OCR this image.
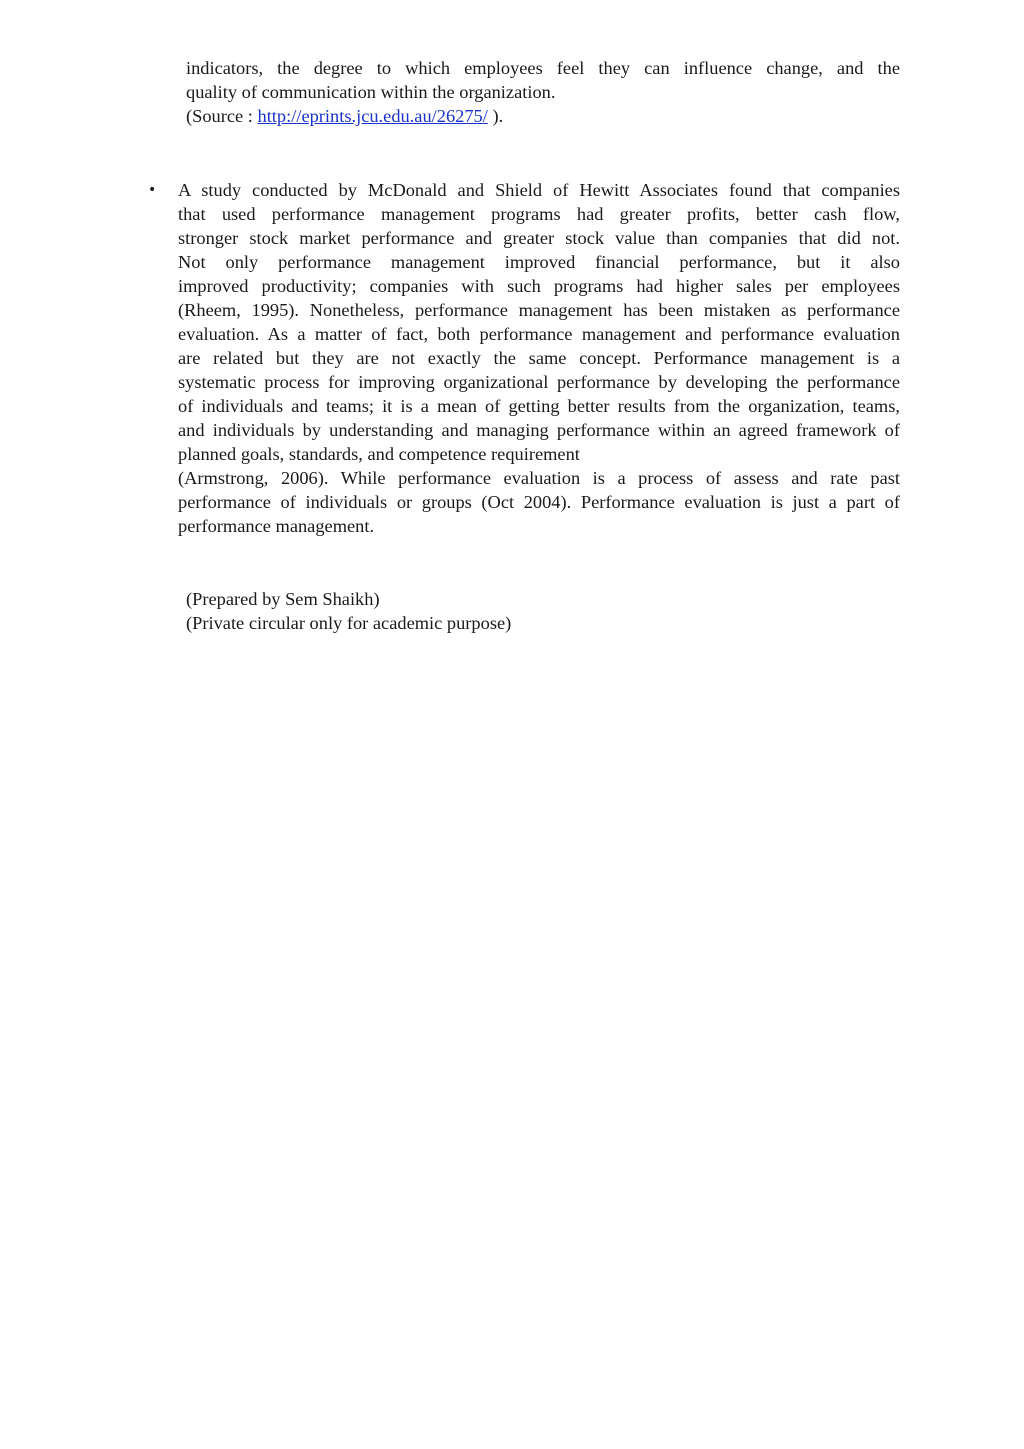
indicators, the degree to which employees feel they can influence change, and the
quality of communication within the organization.
(Source : http://eprints.jcu.edu.au/26275/ ).
•	A study conducted by McDonald and Shield of Hewitt Associates found that companies
that used performance management programs had greater profits, better cash flow,
stronger stock market performance and greater stock value than companies that did not.
Not only performance management improved financial performance, but it also
improved productivity; companies with such programs had higher sales per employees
(Rheem, 1995). Nonetheless, performance management has been mistaken as performance
evaluation. As a matter of fact, both performance management and performance evaluation
are related but they are not exactly the same concept. Performance management is a
systematic process for improving organizational performance by developing the performance
of individuals and teams; it is a mean of getting better results from the organization, teams,
and individuals by understanding and managing performance within an agreed framework of
planned goals, standards, and competence requirement
(Armstrong, 2006). While performance evaluation is a process of assess and rate past
performance of individuals or groups (Oct 2004). Performance evaluation is just a part of
performance management.
(Prepared by Sem Shaikh)
(Private circular only for academic purpose)
